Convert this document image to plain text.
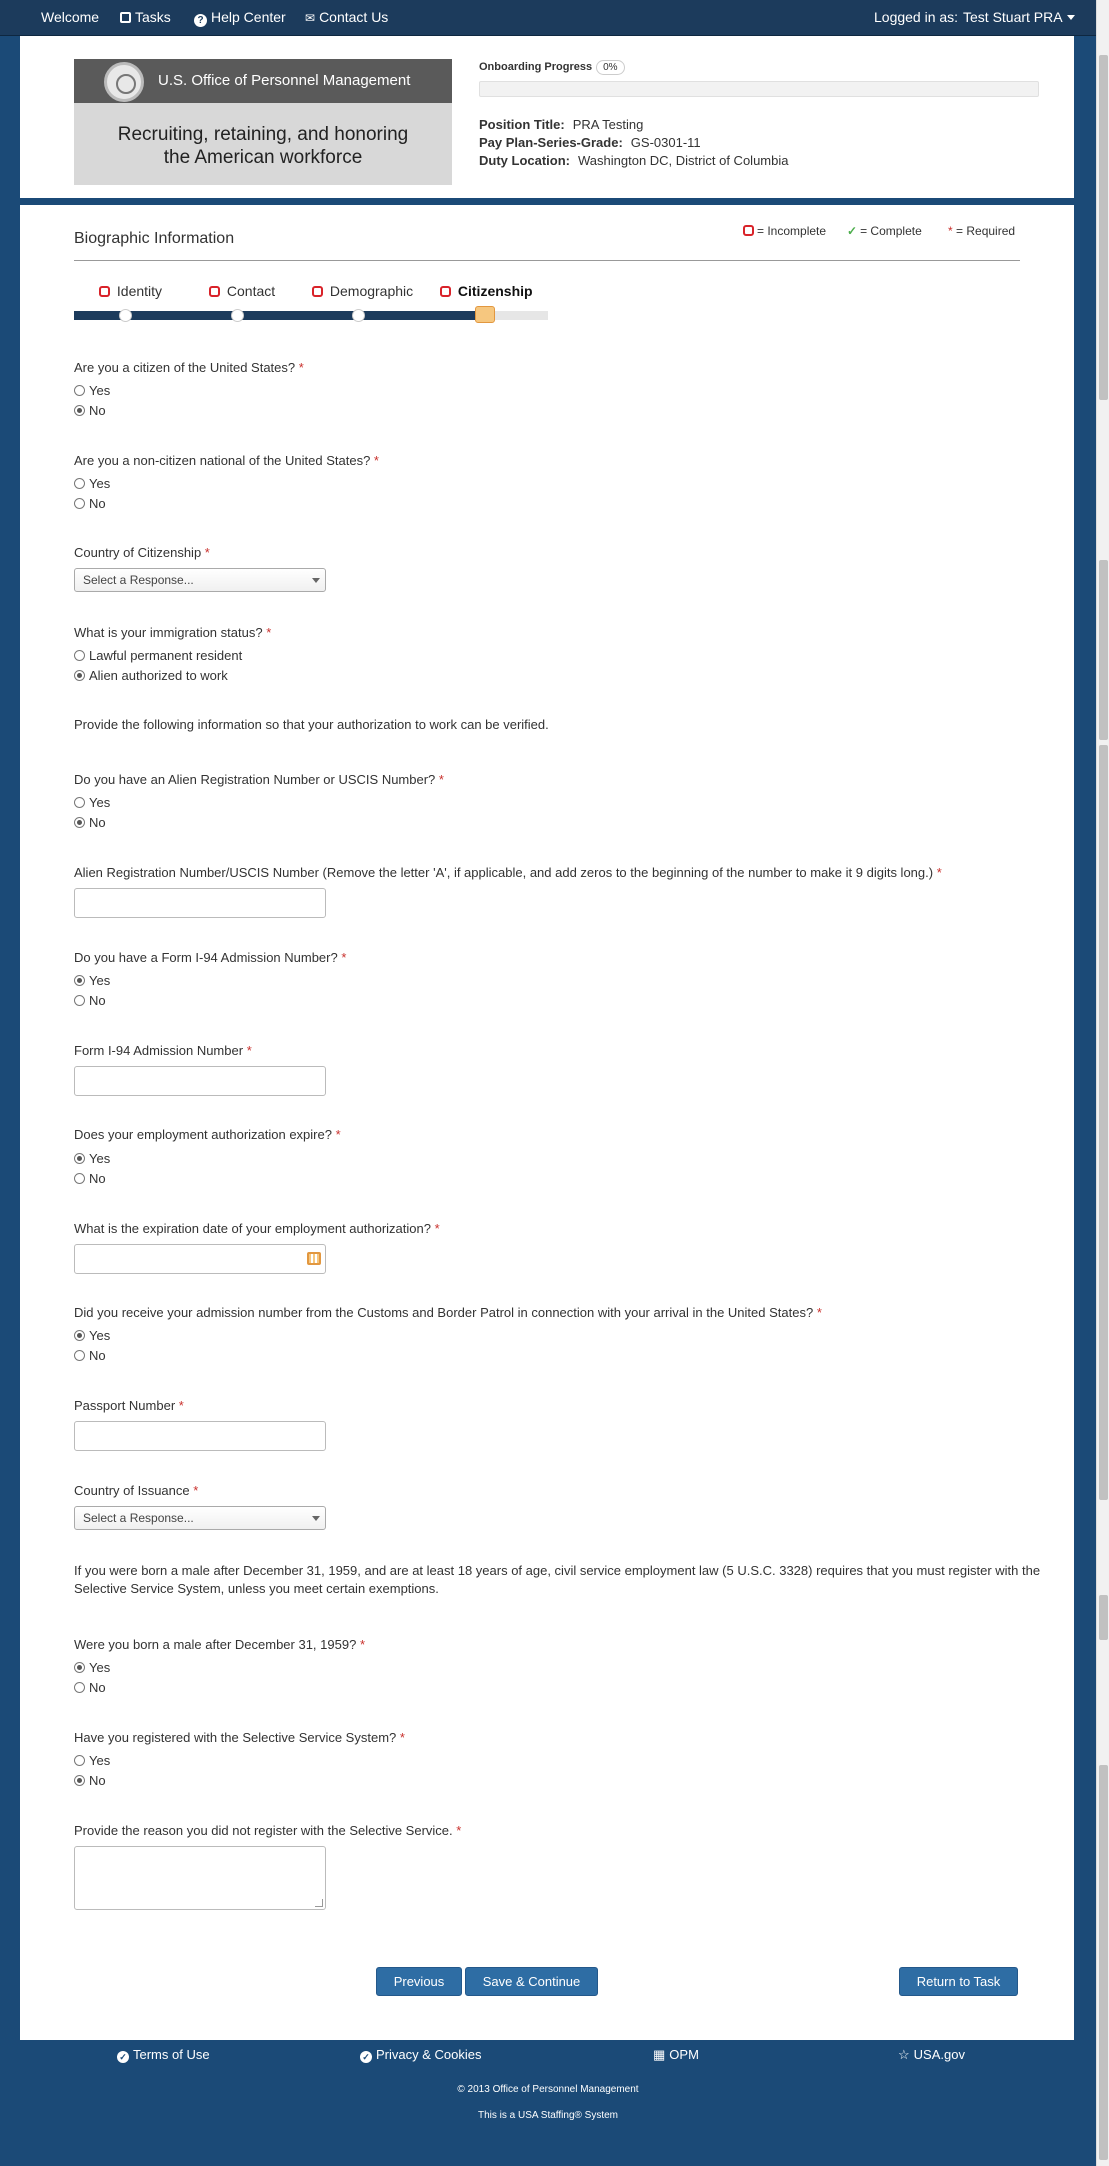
Welcome	Tasks	? Help Center ✉ Contact Us	Logged in as: Test Stuart PRA
U.S. Office of Personnel Management
Recruiting, retaining, and honoring
the American workforce
Onboarding Progress 0%
Position Title: PRA Testing
Pay Plan-Series-Grade: GS-0301-11
Duty Location: Washington DC, District of Columbia
Biographic Information	= Incomplete ✓ = Complete * = Required
Identity	Contact	Demographic	Citizenship
Are you a citizen of the United States? *
Yes
No
Are you a non-citizen national of the United States? *
Yes
No
Country of Citizenship *
Select a Response...
What is your immigration status? *
Lawful permanent resident
Alien authorized to work
Provide the following information so that your authorization to work can be verified.
Do you have an Alien Registration Number or USCIS Number? *
Yes
No
Alien Registration Number/USCIS Number (Remove the letter 'A', if applicable, and add zeros to the beginning of the number to make it 9 digits long.) *
Do you have a Form I-94 Admission Number? *
Yes
No
Form I-94 Admission Number *
Does your employment authorization expire? *
Yes
No
What is the expiration date of your employment authorization? *
Did you receive your admission number from the Customs and Border Patrol in connection with your arrival in the United States? *
Yes
No
Passport Number *
Country of Issuance *
Select a Response...
If you were born a male after December 31, 1959, and are at least 18 years of age, civil service employment law (5 U.S.C. 3328) requires that you must register with the
Selective Service System, unless you meet certain exemptions.
Were you born a male after December 31, 1959? *
Yes
No
Have you registered with the Selective Service System? *
Yes
No
Provide the reason you did not register with the Selective Service. *
Previous	Save & Continue	Return to Task
✓ Terms of Use	✓ Privacy & Cookies	▦ OPM	☆ USA.gov
© 2013 Office of Personnel Management
This is a USA Staffing® System
